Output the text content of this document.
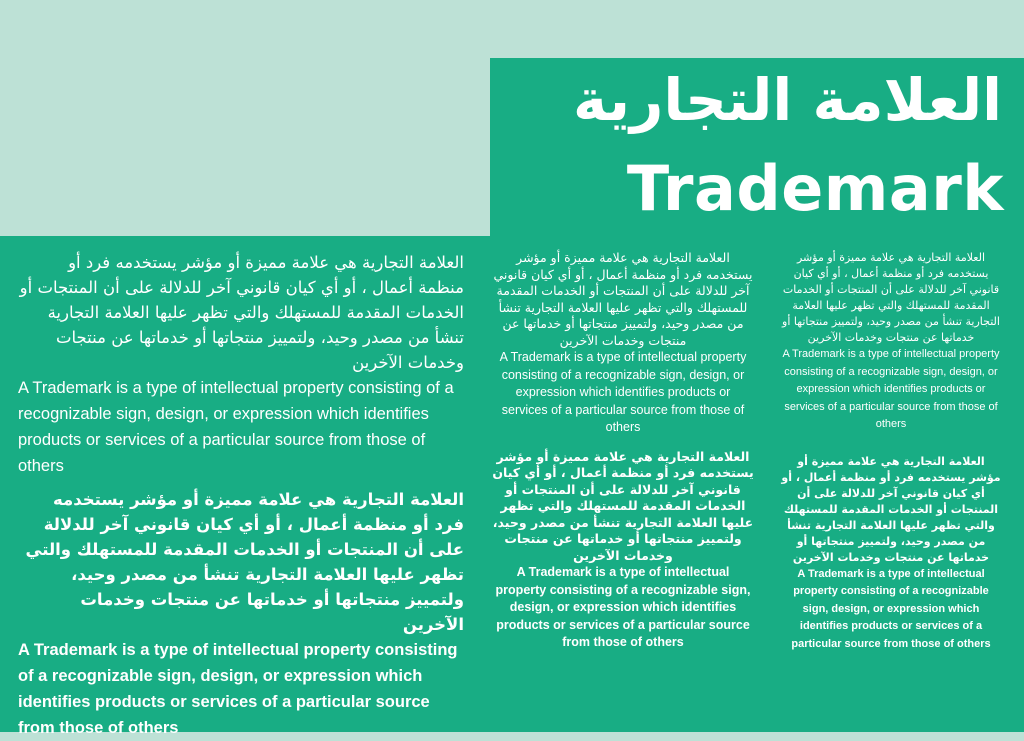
العلامة التجارية
Trademark

العلامة التجارية هي علامة مميزة أو مؤشر يستخدمه فرد أو منظمة أعمال ، أو أي كيان قانوني آخر للدلالة على أن المنتجات أو الخدمات المقدمة للمستهلك والتي تظهر عليها العلامة التجارية تنشأ من مصدر وحيد، ولتمييز منتجاتها أو خدماتها عن منتجات وخدمات الآخرين

A Trademark is a type of intellectual property consisting of a recognizable sign, design, or expression which identifies products or services of a particular source from those of others

العلامة التجارية هي علامة مميزة أو مؤشر يستخدمه فرد أو منظمة أعمال ، أو أي كيان قانوني آخر للدلالة على أن المنتجات أو الخدمات المقدمة للمستهلك والتي تظهر عليها العلامة التجارية تنشأ من مصدر وحيد، ولتمييز منتجاتها أو خدماتها عن منتجات وخدمات الآخرين

A Trademark is a type of intellectual property consisting of a recognizable sign, design, or expression which identifies products or services of a particular source from those of others

العلامة التجارية هي علامة مميزة أو مؤشر يستخدمه فرد أو منظمة أعمال ، أو أي كيان قانوني آخر للدلالة على أن المنتجات أو الخدمات المقدمة للمستهلك والتي تظهر عليها العلامة التجارية تنشأ من مصدر وحيد، ولتمييز منتجاتها أو خدماتها عن منتجات وخدمات الآخرين

A Trademark is a type of intellectual property consisting of a recognizable sign, design, or expression which identifies products or services of a particular source from those of others

العلامة التجارية هي علامة مميزة أو مؤشر يستخدمه فرد أو منظمة أعمال ، أو أي كيان قانوني آخر للدلالة على أن المنتجات أو الخدمات المقدمة للمستهلك والتي تظهر عليها العلامة التجارية تنشأ من مصدر وحيد، ولتمييز منتجاتها أو خدماتها عن منتجات وخدمات الآخرين

A Trademark is a type of intellectual property consisting of a recognizable sign, design, or expression which identifies products or services of a particular source from those of others

العلامة التجارية هي علامة مميزة أو مؤشر يستخدمه فرد أو منظمة أعمال ، أو أي كيان قانوني آخر للدلالة على أن المنتجات أو الخدمات المقدمة للمستهلك والتي تظهر عليها العلامة التجارية تنشأ من مصدر وحيد، ولتمييز منتجاتها أو خدماتها عن منتجات وخدمات الآخرين

A Trademark is a type of intellectual property consisting of a recognizable sign, design, or expression which identifies products or services of a particular source from those of others

العلامة التجارية هي علامة مميزة أو مؤشر يستخدمه فرد أو منظمة أعمال ، أو أي كيان قانوني آخر للدلالة على أن المنتجات أو الخدمات المقدمة للمستهلك والتي تظهر عليها العلامة التجارية تنشأ من مصدر وحيد، ولتمييز منتجاتها أو خدماتها عن منتجات وخدمات الآخرين

A Trademark is a type of intellectual property consisting of a recognizable sign, design, or expression which identifies products or services of a particular source from those of others
